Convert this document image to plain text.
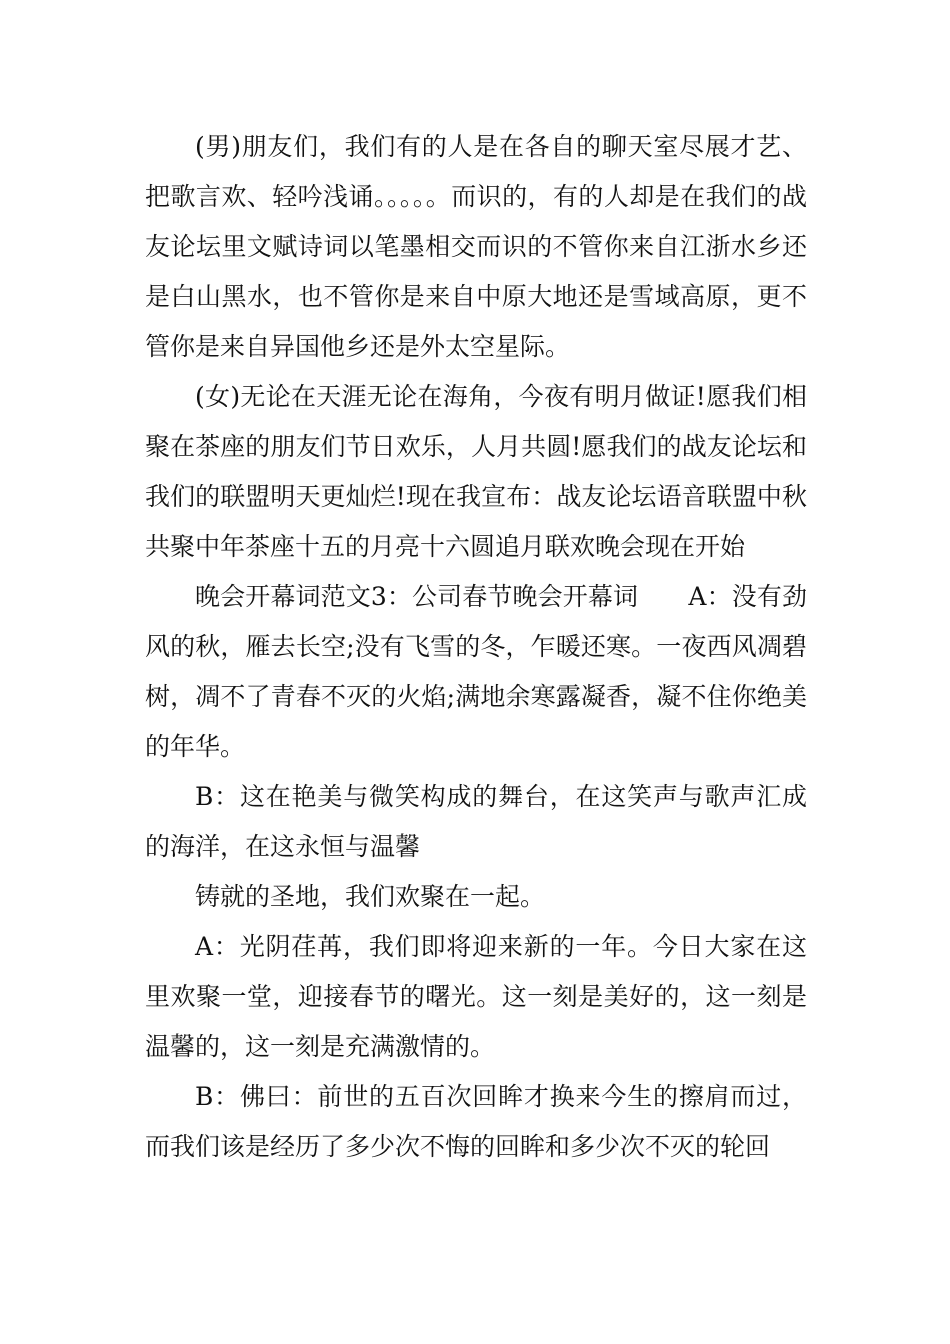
(男)朋友们，我们有的人是在各自的聊天室尽展才艺、把歌言欢、轻吟浅诵。。。。。而识的，有的人却是在我们的战友论坛里文赋诗词以笔墨相交而识的不管你来自江浙水乡还是白山黑水，也不管你是来自中原大地还是雪域高原，更不管你是来自异国他乡还是外太空星际。

(女)无论在天涯无论在海角，今夜有明月做证!愿我们相聚在茶座的朋友们节日欢乐，人月共圆!愿我们的战友论坛和我们的联盟明天更灿烂!现在我宣布：战友论坛语音联盟中秋共聚中年茶座十五的月亮十六圆追月联欢晚会现在开始

晚会开幕词范文3：公司春节晚会开幕词　　A：没有劲风的秋，雁去长空;没有飞雪的冬，乍暖还寒。一夜西风凋碧树，凋不了青春不灭的火焰;满地余寒露凝香，凝不住你绝美的年华。

B：这在艳美与微笑构成的舞台，在这笑声与歌声汇成的海洋，在这永恒与温馨

铸就的圣地，我们欢聚在一起。

A：光阴荏苒，我们即将迎来新的一年。今日大家在这里欢聚一堂，迎接春节的曙光。这一刻是美好的，这一刻是温馨的，这一刻是充满激情的。

B：佛曰：前世的五百次回眸才换来今生的擦肩而过，而我们该是经历了多少次不悔的回眸和多少次不灭的轮回
